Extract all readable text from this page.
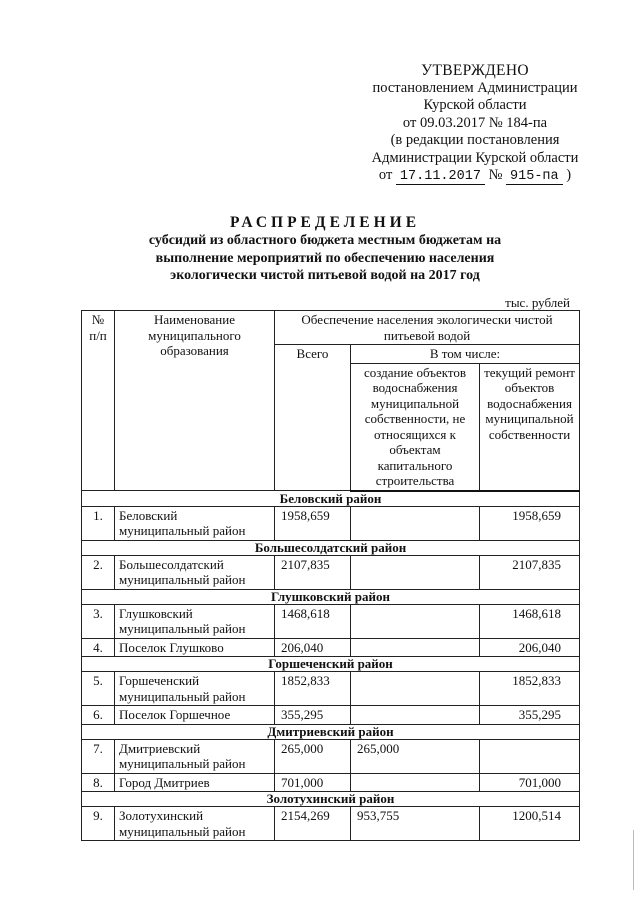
УТВЕРЖДЕНО
постановлением Администрации
Курской области
от 09.03.2017 № 184-па
(в редакции постановления
Администрации Курской области
от 17.11.2017 № 915-па )
РАСПРЕДЕЛЕНИЕ
субсидий из областного бюджета местным бюджетам на
выполнение мероприятий по обеспечению населения
экологически чистой питьевой водой на 2017 год
тыс. рублей
№ п/п	Наименование муниципального образования	Обеспечение населения экологически чистой питьевой водой		
		Всего	В том числе:	
			создание объектов водоснабжения муниципальной собственности, не относящихся к объектам капитального строительства	текущий ремонт объектов водоснабжения муниципальной собственности
Беловский район				
1.	Беловский муниципальный район	1958,659		1958,659
Большесолдатский район				
2.	Большесолдатский муниципальный район	2107,835		2107,835
Глушковский район				
3.	Глушковский муниципальный район	1468,618		1468,618
4.	Поселок Глушково	206,040		206,040
Горшеченский район				
5.	Горшеченский муниципальный район	1852,833		1852,833
6.	Поселок Горшечное	355,295		355,295
Дмитриевский район				
7.	Дмитриевский муниципальный район	265,000	265,000	
8.	Город Дмитриев	701,000		701,000
Золотухинский район				
9.	Золотухинский муниципальный район	2154,269	953,755	1200,514
